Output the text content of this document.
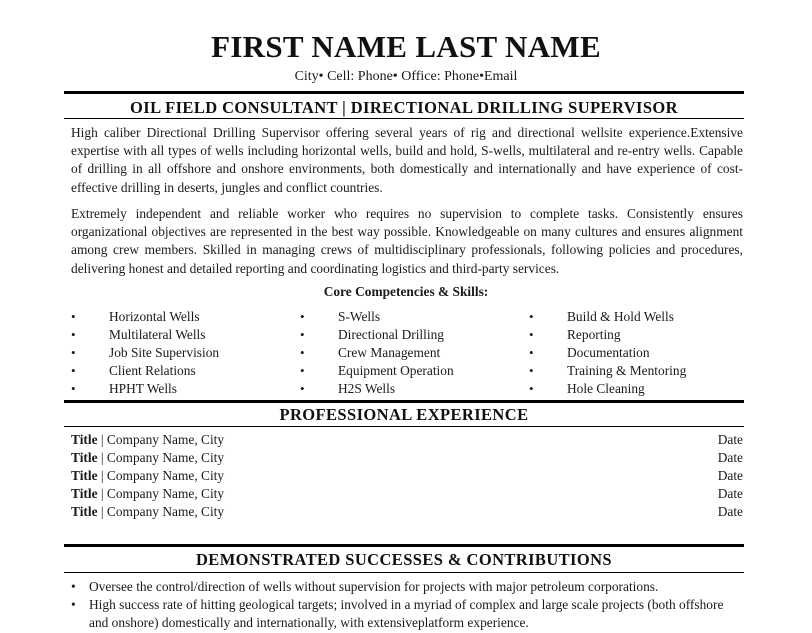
FIRST NAME LAST NAME
City• Cell: Phone• Office: Phone•Email
OIL FIELD CONSULTANT | DIRECTIONAL DRILLING SUPERVISOR

High caliber Directional Drilling Supervisor offering several years of rig and directional wellsite experience.Extensive expertise with all types of wells including horizontal wells, build and hold, S-wells, multilateral and re-entry wells. Capable of drilling in all offshore and onshore environments, both domestically and internationally and have experience of cost-effective drilling in deserts, jungles and conflict countries.

Extremely independent and reliable worker who requires no supervision to complete tasks. Consistently ensures organizational objectives are represented in the best way possible. Knowledgeable on many cultures and ensures alignment among crew members. Skilled in managing crews of multidisciplinary professionals, following policies and procedures, delivering honest and detailed reporting and coordinating logistics and third-party services.

Core Competencies & Skills:
• Horizontal Wells
• Multilateral Wells
• Job Site Supervision
• Client Relations
• HPHT Wells
• S-Wells
• Directional Drilling
• Crew Management
• Equipment Operation
• H2S Wells
• Build & Hold Wells
• Reporting
• Documentation
• Training & Mentoring
• Hole Cleaning
PROFESSIONAL EXPERIENCE
Title | Company Name, City	Date
Title | Company Name, City	Date
Title | Company Name, City	Date
Title | Company Name, City	Date
Title | Company Name, City	Date
DEMONSTRATED SUCCESSES & CONTRIBUTIONS
• Oversee the control/direction of wells without supervision for projects with major petroleum corporations.
• High success rate of hitting geological targets; involved in a myriad of complex and large scale projects (both offshore and onshore) domestically and internationally, with extensiveplatform experience.
